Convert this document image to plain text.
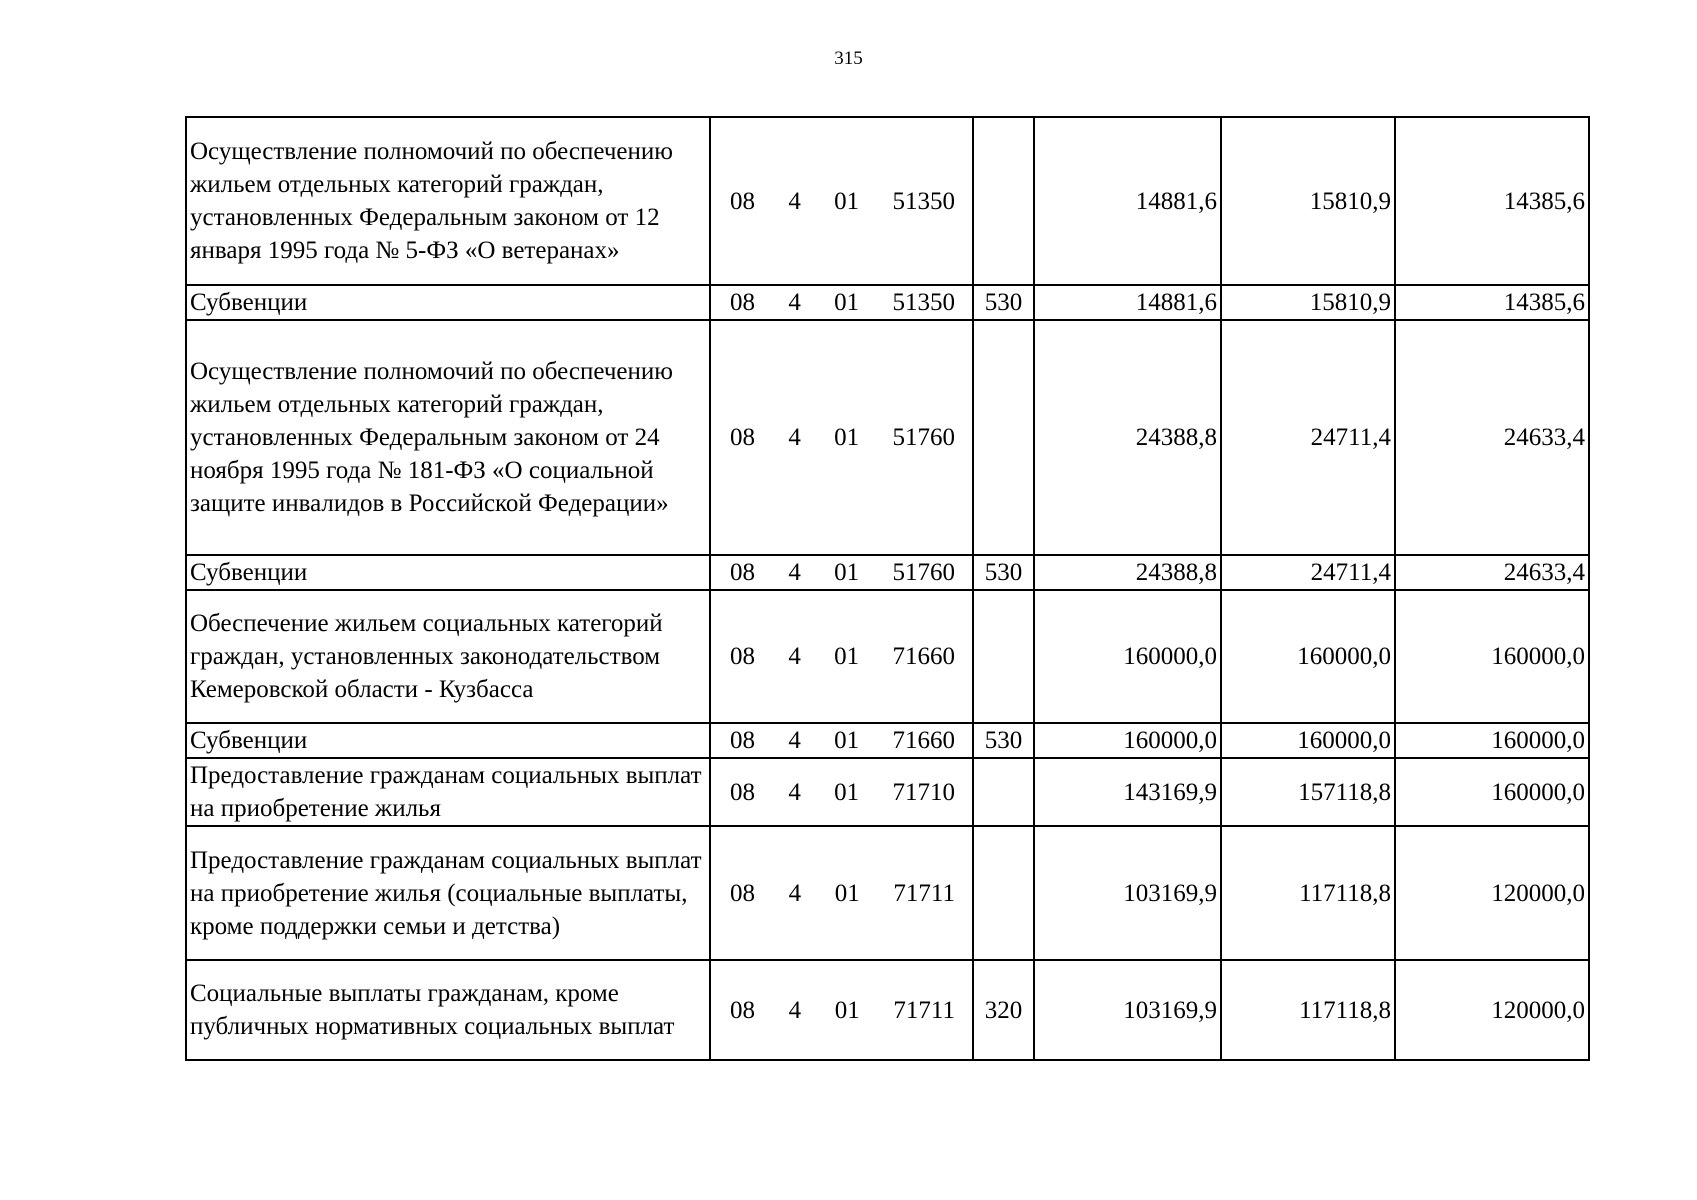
315
Осуществление полномочий по обеспечению жильем отдельных категорий граждан, установленных Федеральным законом от 12 января 1995 года № 5-ФЗ «О ветеранах»	08 4 01 51350		14881,6	15810,9	14385,6
Субвенции	08 4 01 51350	530	14881,6	15810,9	14385,6
Осуществление полномочий по обеспечению жильем отдельных категорий граждан, установленных Федеральным законом от 24 ноября 1995 года № 181-ФЗ «О социальной защите инвалидов в Российской Федерации»	08 4 01 51760		24388,8	24711,4	24633,4
Субвенции	08 4 01 51760	530	24388,8	24711,4	24633,4
Обеспечение жильем социальных категорий граждан, установленных законодательством Кемеровской области - Кузбасса	08 4 01 71660		160000,0	160000,0	160000,0
Субвенции	08 4 01 71660	530	160000,0	160000,0	160000,0
Предоставление гражданам социальных выплат на приобретение жилья	08 4 01 71710		143169,9	157118,8	160000,0
Предоставление гражданам социальных выплат на приобретение жилья (социальные выплаты, кроме поддержки семьи и детства)	08 4 01 71711		103169,9	117118,8	120000,0
Социальные выплаты гражданам, кроме публичных нормативных социальных выплат	08 4 01 71711	320	103169,9	117118,8	120000,0
